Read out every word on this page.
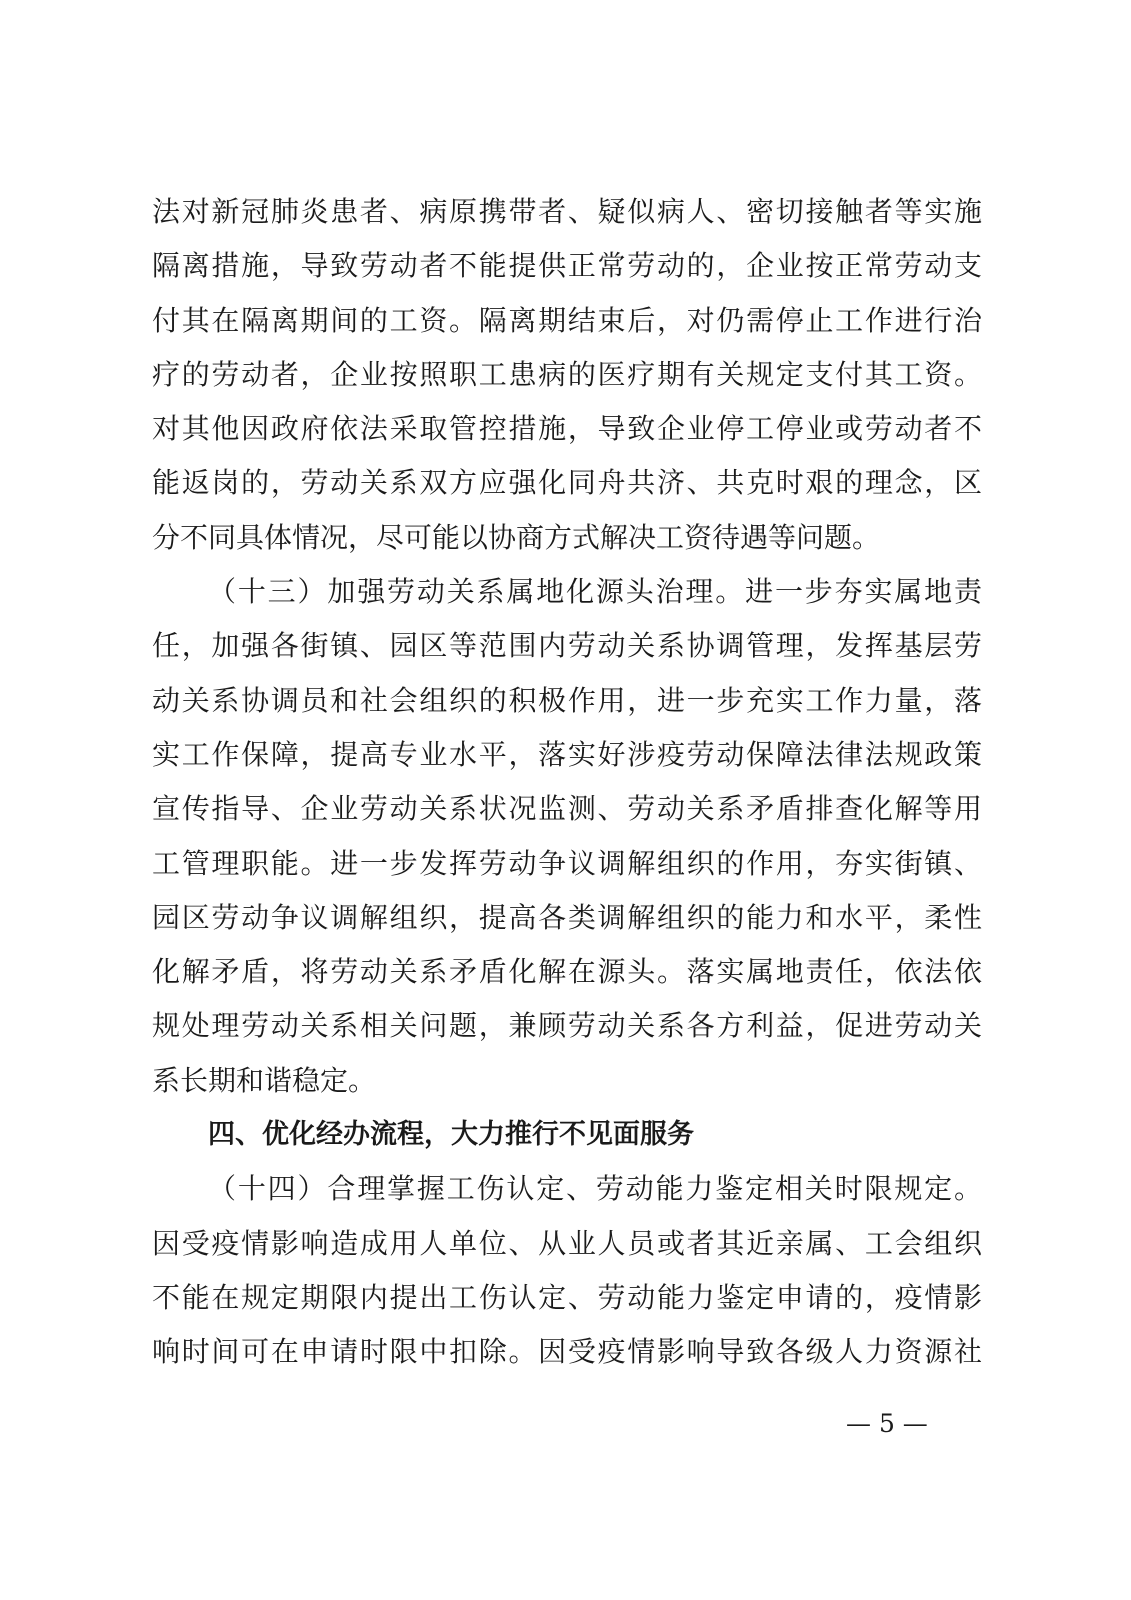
法对新冠肺炎患者、病原携带者、疑似病人、密切接触者等实施
隔离措施，导致劳动者不能提供正常劳动的，企业按正常劳动支
付其在隔离期间的工资。隔离期结束后，对仍需停止工作进行治
疗的劳动者，企业按照职工患病的医疗期有关规定支付其工资。
对其他因政府依法采取管控措施，导致企业停工停业或劳动者不
能返岗的，劳动关系双方应强化同舟共济、共克时艰的理念，区
分不同具体情况，尽可能以协商方式解决工资待遇等问题。
（十三）加强劳动关系属地化源头治理。进一步夯实属地责
任，加强各街镇、园区等范围内劳动关系协调管理，发挥基层劳
动关系协调员和社会组织的积极作用，进一步充实工作力量，落
实工作保障，提高专业水平，落实好涉疫劳动保障法律法规政策
宣传指导、企业劳动关系状况监测、劳动关系矛盾排查化解等用
工管理职能。进一步发挥劳动争议调解组织的作用，夯实街镇、
园区劳动争议调解组织，提高各类调解组织的能力和水平，柔性
化解矛盾，将劳动关系矛盾化解在源头。落实属地责任，依法依
规处理劳动关系相关问题，兼顾劳动关系各方利益，促进劳动关
系长期和谐稳定。
四、优化经办流程，大力推行不见面服务
（十四）合理掌握工伤认定、劳动能力鉴定相关时限规定。
因受疫情影响造成用人单位、从业人员或者其近亲属、工会组织
不能在规定期限内提出工伤认定、劳动能力鉴定申请的，疫情影
响时间可在申请时限中扣除。因受疫情影响导致各级人力资源社
— 5 —
